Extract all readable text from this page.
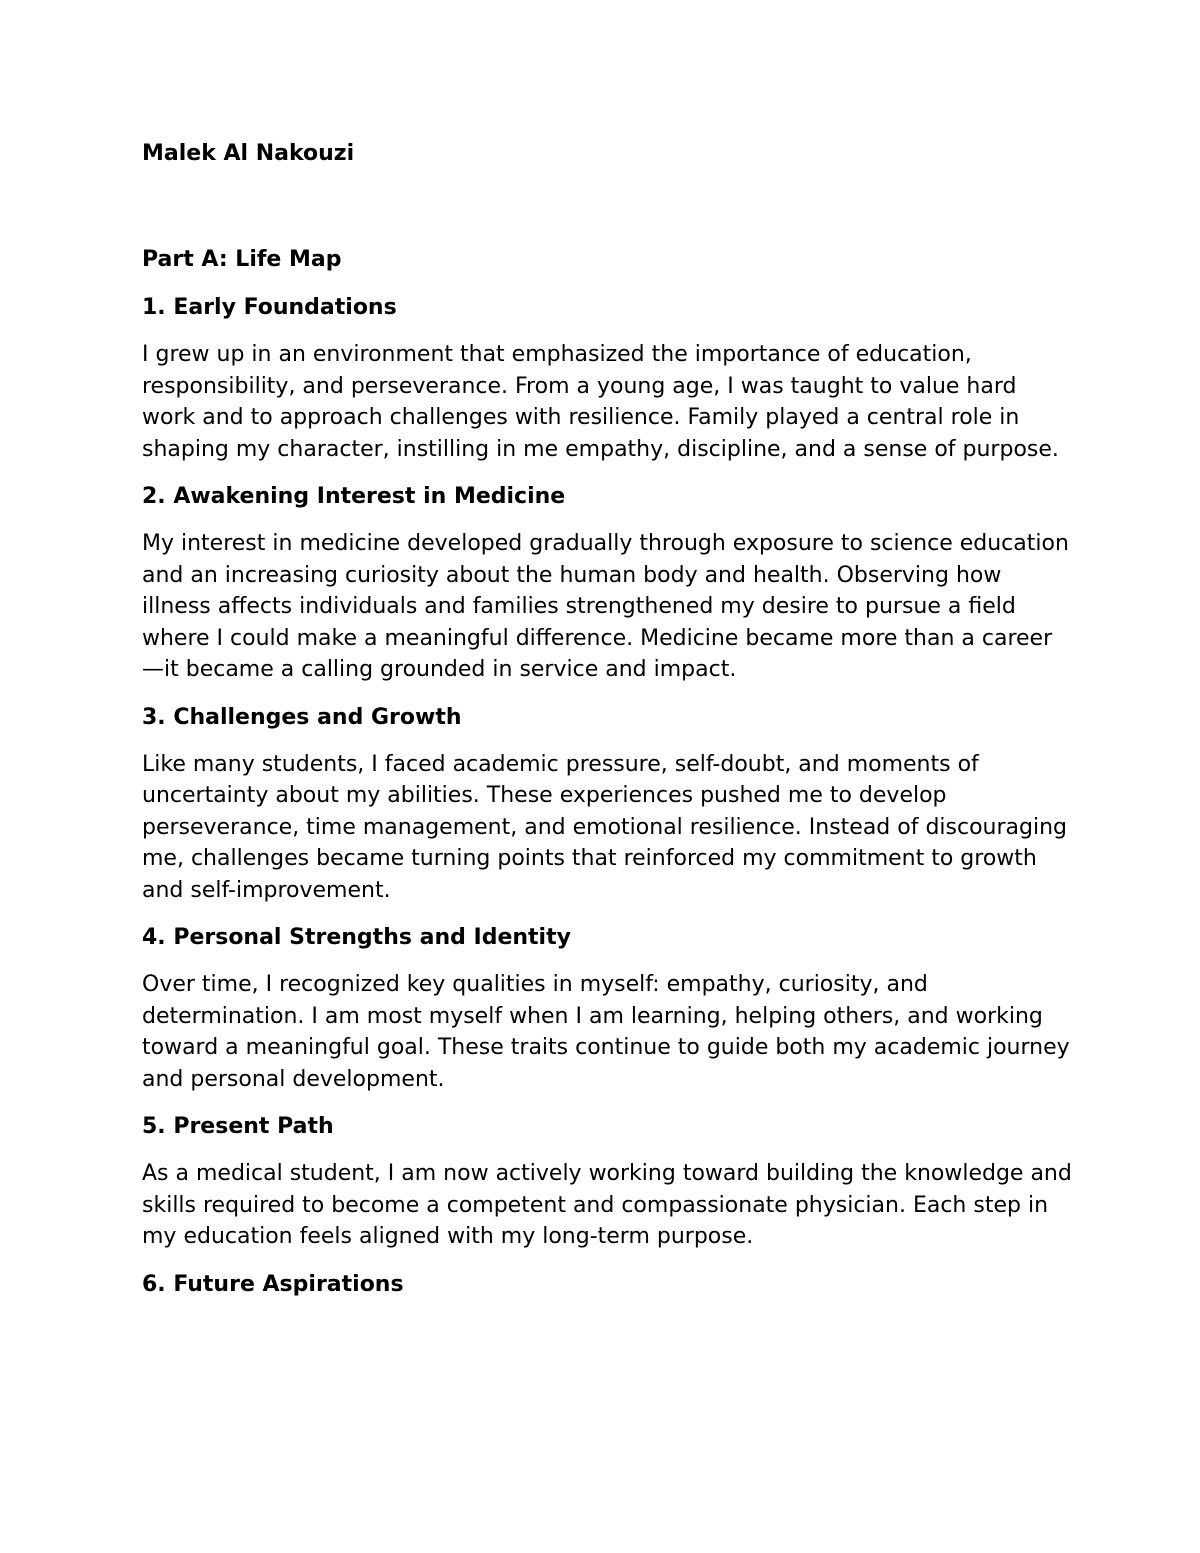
Malek Al Nakouzi
Part A: Life Map
1. Early Foundations
I grew up in an environment that emphasized the importance of education, responsibility, and perseverance. From a young age, I was taught to value hard work and to approach challenges with resilience. Family played a central role in shaping my character, instilling in me empathy, discipline, and a sense of purpose.
2. Awakening Interest in Medicine
My interest in medicine developed gradually through exposure to science education and an increasing curiosity about the human body and health. Observing how illness affects individuals and families strengthened my desire to pursue a field where I could make a meaningful difference. Medicine became more than a career—it became a calling grounded in service and impact.
3. Challenges and Growth
Like many students, I faced academic pressure, self-doubt, and moments of uncertainty about my abilities. These experiences pushed me to develop perseverance, time management, and emotional resilience. Instead of discouraging me, challenges became turning points that reinforced my commitment to growth and self-improvement.
4. Personal Strengths and Identity
Over time, I recognized key qualities in myself: empathy, curiosity, and determination. I am most myself when I am learning, helping others, and working toward a meaningful goal. These traits continue to guide both my academic journey and personal development.
5. Present Path
As a medical student, I am now actively working toward building the knowledge and skills required to become a competent and compassionate physician. Each step in my education feels aligned with my long-term purpose.
6. Future Aspirations
